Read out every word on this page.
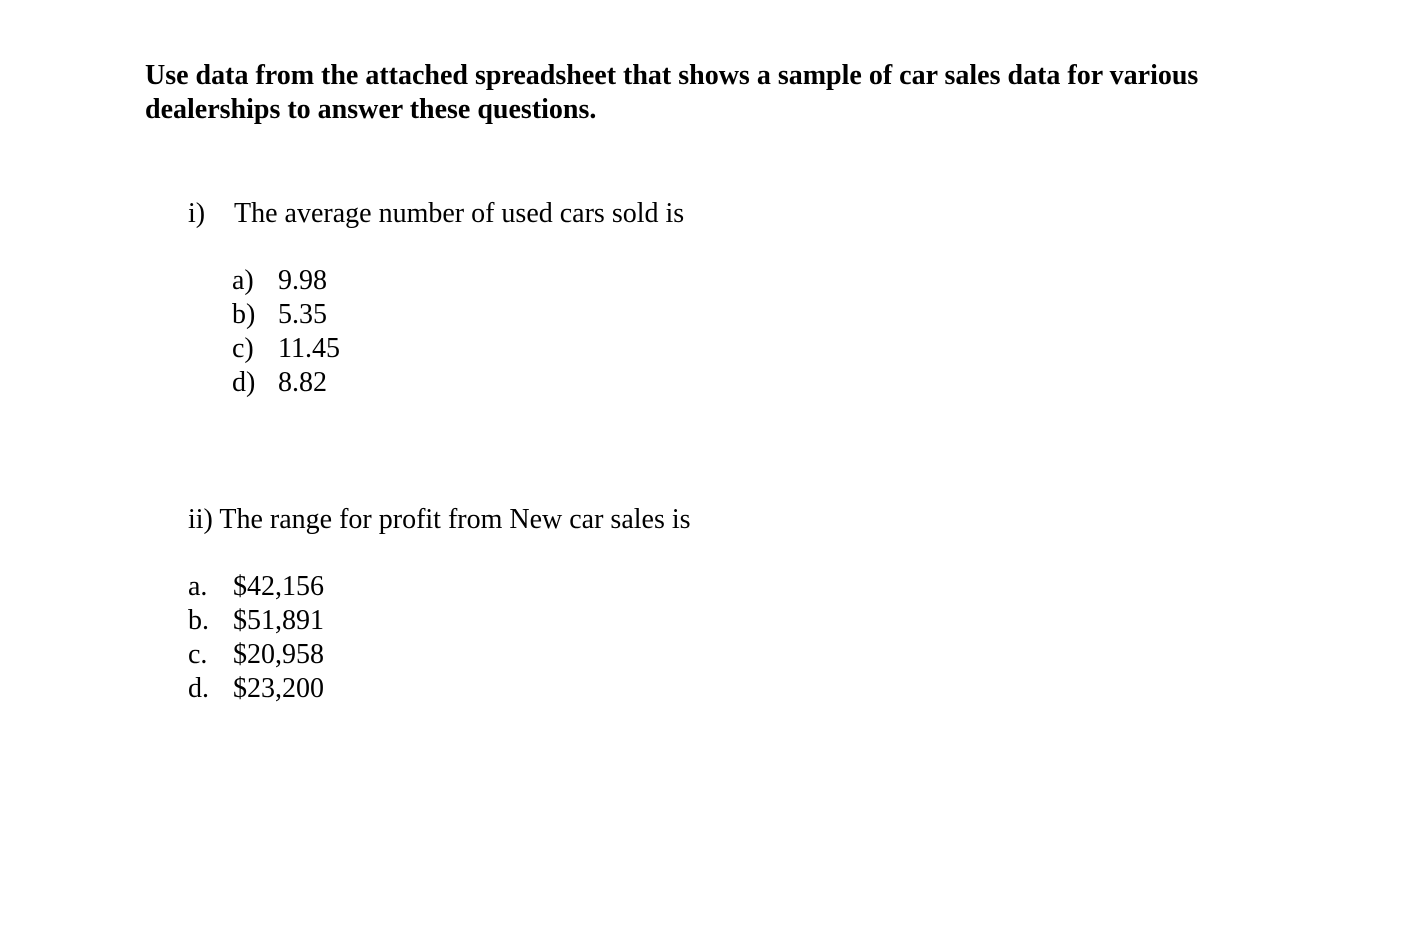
Use data from the attached spreadsheet that shows a sample of car sales data for various dealerships to answer these questions.

i) The average number of used cars sold is
a) 9.98
b) 5.35
c) 11.45
d) 8.82
ii) The range for profit from New car sales is
a. $42,156
b. $51,891
c. $20,958
d. $23,200
